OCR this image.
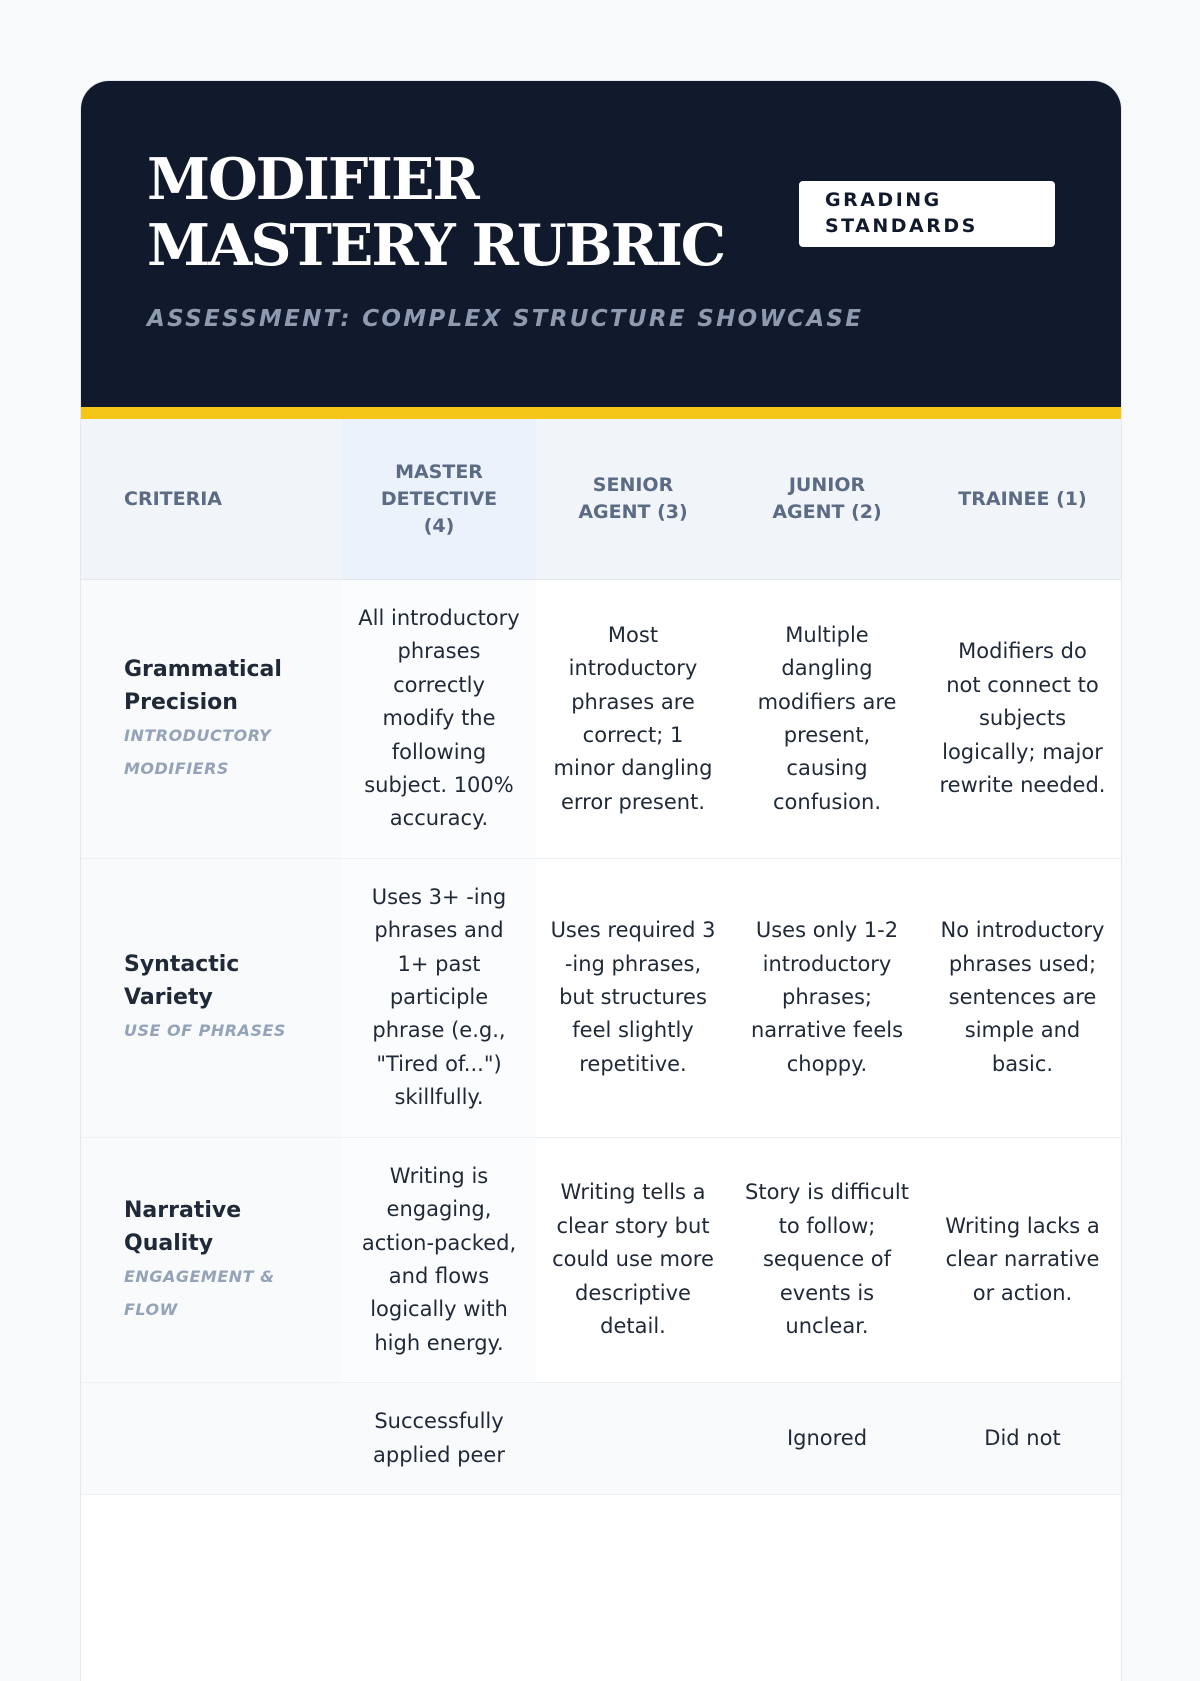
MODIFIER MASTERY RUBRIC
GRADING STANDARDS

ASSESSMENT: COMPLEX STRUCTURE SHOWCASE

CRITERIA	MASTER DETECTIVE (4)	SENIOR AGENT (3)	JUNIOR AGENT (2)	TRAINEE (1)

Grammatical Precision
INTRODUCTORY MODIFIERS	All introductory phrases correctly modify the following subject. 100% accuracy.	Most introductory phrases are correct; 1 minor dangling error present.	Multiple dangling modifiers are present, causing confusion.	Modifiers do not connect to subjects logically; major rewrite needed.

Syntactic Variety
USE OF PHRASES	Uses 3+ -ing phrases and 1+ past participle phrase (e.g., "Tired of...") skillfully.	Uses required 3 -ing phrases, but structures feel slightly repetitive.	Uses only 1-2 introductory phrases; narrative feels choppy.	No introductory phrases used; sentences are simple and basic.

Narrative Quality
ENGAGEMENT & FLOW	Writing is engaging, action-packed, and flows logically with high energy.	Writing tells a clear story but could use more descriptive detail.	Story is difficult to follow; sequence of events is unclear.	Writing lacks a clear narrative or action.

	Successfully applied peer		Ignored	Did not
